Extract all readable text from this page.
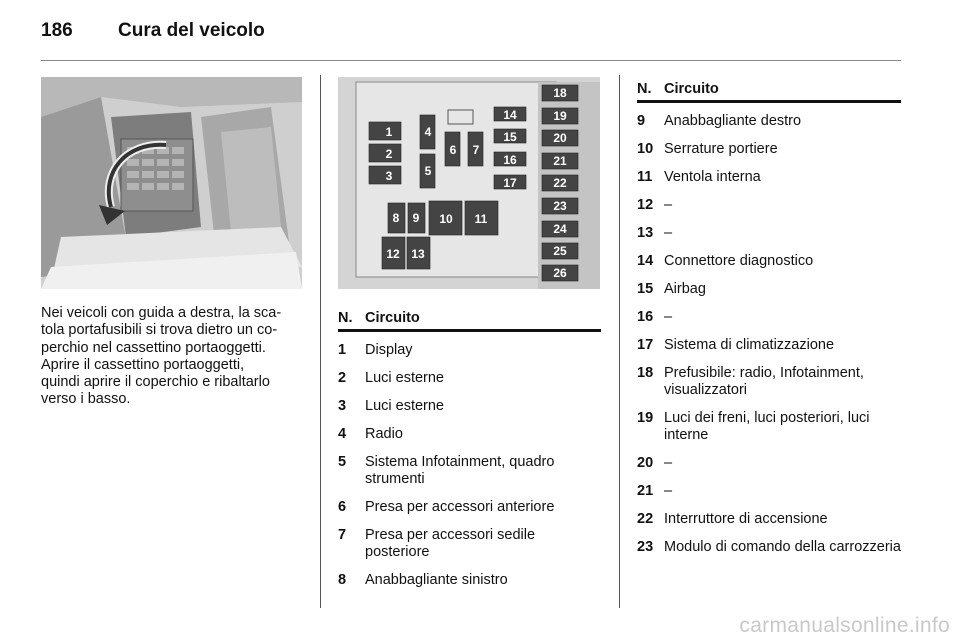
186 Cura del veicolo
1
2
3
4
5
6 7
8 9 10 11
12 13
14
15
16
17
18
19
20
21
22
23
24
25
26
Nei veicoli con guida a destra, la sca-
tola portafusibili si trova dietro un co-
perchio nel cassettino portaoggetti.
Aprire il cassettino portaoggetti,
quindi aprire il coperchio e ribaltarlo
verso i basso.
N. Circuito
1	Display
2	Luci esterne
3	Luci esterne
4	Radio
5	Sistema Infotainment, quadro strumenti
6	Presa per accessori anteriore
7	Presa per accessori sedile posteriore
8	Anabbagliante sinistro
N. Circuito
9	Anabbagliante destro
10 Serrature portiere
11 Ventola interna
12 –
13 –
14 Connettore diagnostico
15 Airbag
16 –
17 Sistema di climatizzazione
18 Prefusibile: radio, Infotainment, visualizzatori
19 Luci dei freni, luci posteriori, luci interne
20 –
21 –
22 Interruttore di accensione
23 Modulo di comando della carrozzeria
carmanualsonline.info
